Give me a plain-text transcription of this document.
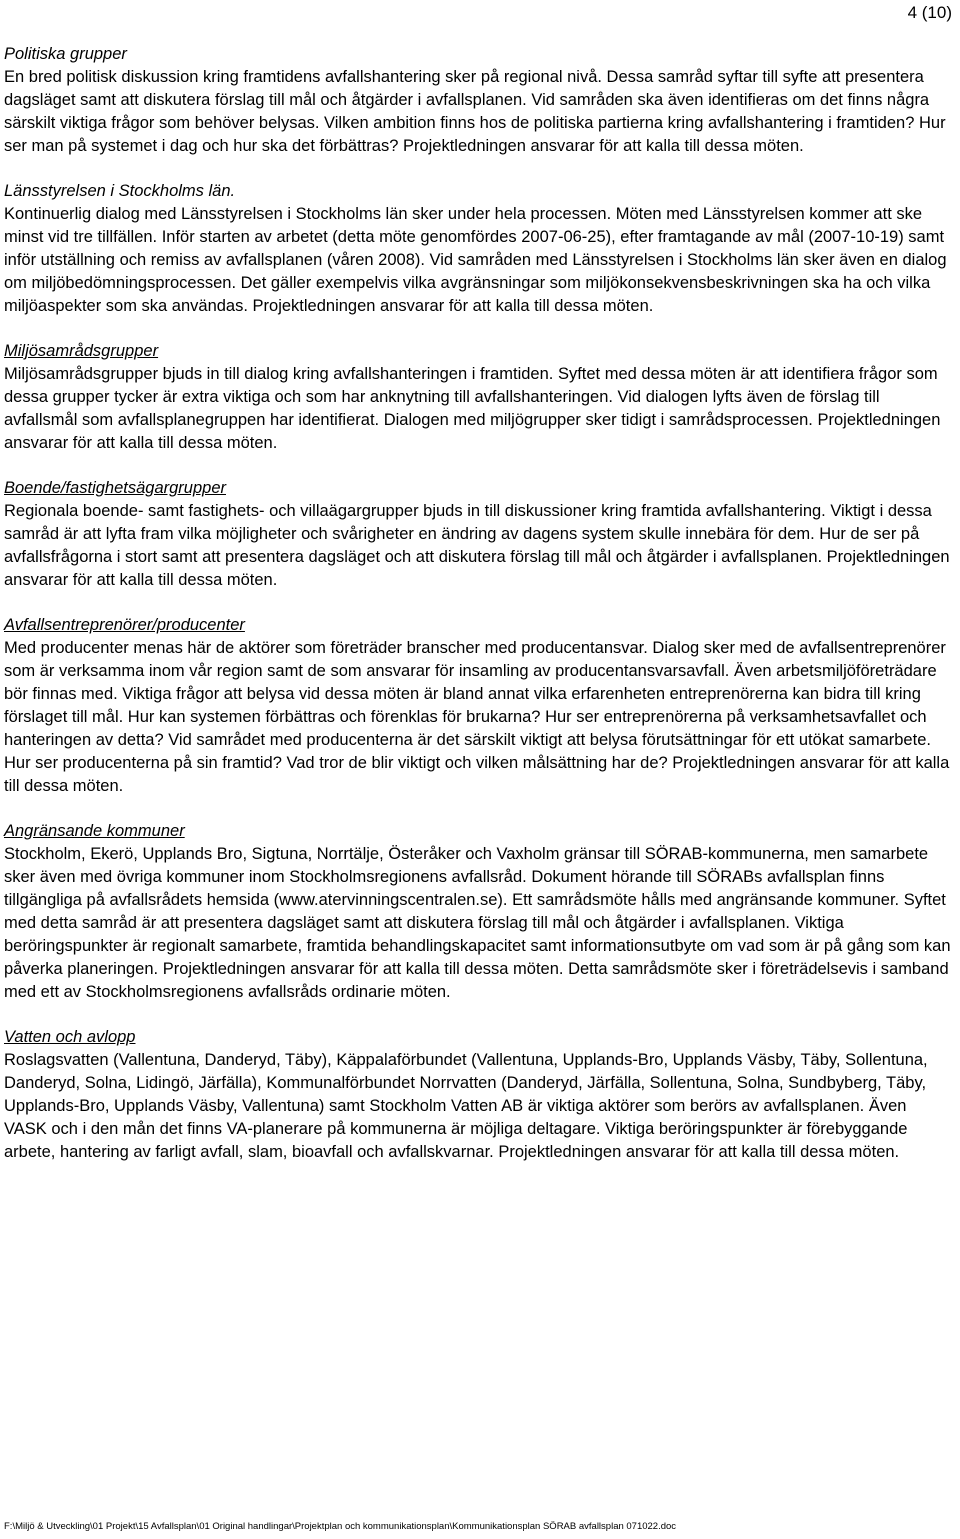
4 (10)

Politiska grupper

En bred politisk diskussion kring framtidens avfallshantering sker på regional nivå. Dessa samråd syftar till syfte att presentera dagsläget samt att diskutera förslag till mål och åtgärder i avfallsplanen. Vid samråden ska även identifieras om det finns några särskilt viktiga frågor som behöver belysas. Vilken ambition finns hos de politiska partierna kring avfallshantering i framtiden? Hur ser man på systemet i dag och hur ska det förbättras? Projektledningen ansvarar för att kalla till dessa möten.

Länsstyrelsen i Stockholms län.

Kontinuerlig dialog med Länsstyrelsen i Stockholms län sker under hela processen. Möten med Länsstyrelsen kommer att ske minst vid tre tillfällen. Inför starten av arbetet (detta möte genomfördes 2007-06-25), efter framtagande av mål (2007-10-19) samt inför utställning och remiss av avfallsplanen (våren 2008). Vid samråden med Länsstyrelsen i Stockholms län sker även en dialog om miljöbedömningsprocessen. Det gäller exempelvis vilka avgränsningar som miljökonsekvensbeskrivningen ska ha och vilka miljöaspekter som ska användas. Projektledningen ansvarar för att kalla till dessa möten.

Miljösamrådsgrupper

Miljösamrådsgrupper bjuds in till dialog kring avfallshanteringen i framtiden. Syftet med dessa möten är att identifiera frågor som dessa grupper tycker är extra viktiga och som har anknytning till avfallshanteringen. Vid dialogen lyfts även de förslag till avfallsmål som avfallsplanegruppen har identifierat. Dialogen med miljögrupper sker tidigt i samrådsprocessen. Projektledningen ansvarar för att kalla till dessa möten.

Boende/fastighetsägargrupper

Regionala boende- samt fastighets- och villaägargrupper bjuds in till diskussioner kring framtida avfallshantering. Viktigt i dessa samråd är att lyfta fram vilka möjligheter och svårigheter en ändring av dagens system skulle innebära för dem. Hur de ser på avfallsfrågorna i stort samt att presentera dagsläget och att diskutera förslag till mål och åtgärder i avfallsplanen. Projektledningen ansvarar för att kalla till dessa möten.

Avfallsentreprenörer/producenter

Med producenter menas här de aktörer som företräder branscher med producentansvar. Dialog sker med de avfallsentreprenörer som är verksamma inom vår region samt de som ansvarar för insamling av producentansvarsavfall. Även arbetsmiljöföreträdare bör finnas med. Viktiga frågor att belysa vid dessa möten är bland annat vilka erfarenheten entreprenörerna kan bidra till kring förslaget till mål. Hur kan systemen förbättras och förenklas för brukarna? Hur ser entreprenörerna på verksamhetsavfallet och hanteringen av detta? Vid samrådet med producenterna är det särskilt viktigt att belysa förutsättningar för ett utökat samarbete. Hur ser producenterna på sin framtid? Vad tror de blir viktigt och vilken målsättning har de? Projektledningen ansvarar för att kalla till dessa möten.

Angränsande kommuner

Stockholm, Ekerö, Upplands Bro, Sigtuna, Norrtälje, Österåker och Vaxholm gränsar till SÖRAB-kommunerna, men samarbete sker även med övriga kommuner inom Stockholmsregionens avfallsråd. Dokument hörande till SÖRABs avfallsplan finns tillgängliga på avfallsrådets hemsida (www.atervinningscentralen.se). Ett samrådsmöte hålls med angränsande kommuner. Syftet med detta samråd är att presentera dagsläget samt att diskutera förslag till mål och åtgärder i avfallsplanen. Viktiga beröringspunkter är regionalt samarbete, framtida behandlingskapacitet samt informationsutbyte om vad som är på gång som kan påverka planeringen. Projektledningen ansvarar för att kalla till dessa möten. Detta samrådsmöte sker i företrädelsevis i samband med ett av Stockholmsregionens avfallsråds ordinarie möten.

Vatten och avlopp

Roslagsvatten (Vallentuna, Danderyd, Täby), Käppalaförbundet (Vallentuna, Upplands-Bro, Upplands Väsby, Täby, Sollentuna, Danderyd, Solna, Lidingö, Järfälla), Kommunalförbundet Norrvatten (Danderyd, Järfälla, Sollentuna, Solna, Sundbyberg, Täby, Upplands-Bro, Upplands Väsby, Vallentuna) samt Stockholm Vatten AB är viktiga aktörer som berörs av avfallsplanen. Även VASK och i den mån det finns VA-planerare på kommunerna är möjliga deltagare. Viktiga beröringspunkter är förebyggande arbete, hantering av farligt avfall, slam, bioavfall och avfallskvarnar. Projektledningen ansvarar för att kalla till dessa möten.

F:\Miljö & Utveckling\01 Projekt\15 Avfallsplan\01 Original handlingar\Projektplan och kommunikationsplan\Kommunikationsplan SÖRAB avfallsplan 071022.doc
